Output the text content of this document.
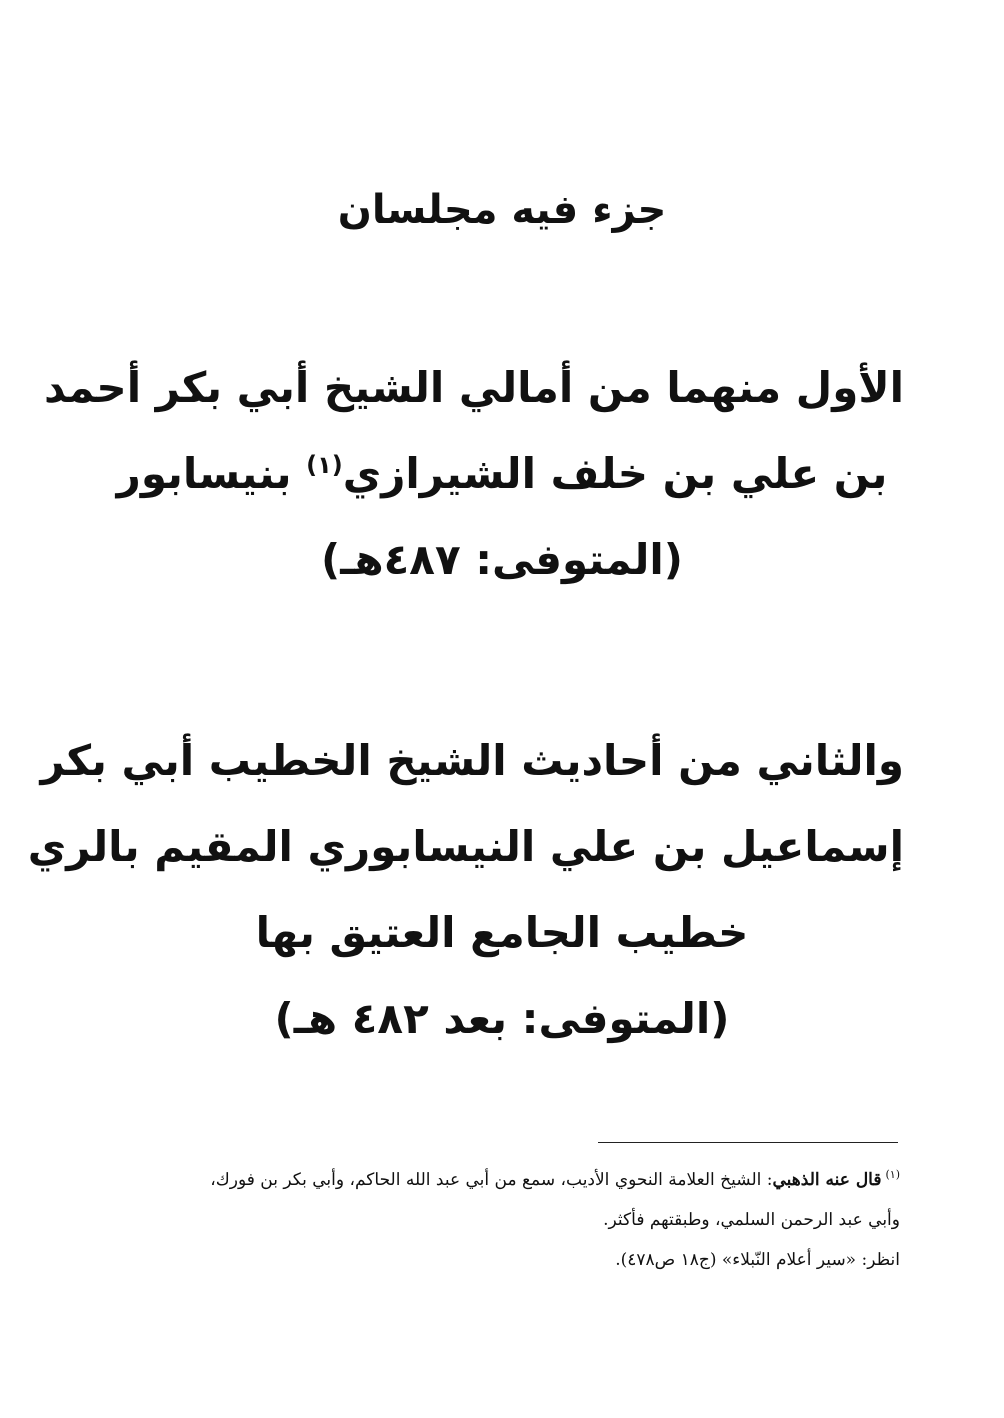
جزء فيه مجلسان
الأول منهما من أمالي الشيخ أبي بكر أحمد
بن علي بن خلف الشيرازي$^{(١)}$ بنيسابور
(المتوفى: ٤٨٧هـ)
والثاني من أحاديث الشيخ الخطيب أبي بكر
إسماعيل بن علي النيسابوري المقيم بالري
خطيب الجامع العتيق بها
(المتوفى: بعد ٤٨٢ هـ)
$^{(١)}$قال عنه الذهبي: الشيخ العلامة النحوي الأديب، سمع من أبي عبد الله الحاكم، وأبي بكر بن فورك،
وأبي عبد الرحمن السلمي، وطبقتهم فأكثر.
انظر: «سير أعلام النّبلاء» (ج١٨ ص٤٧٨).
